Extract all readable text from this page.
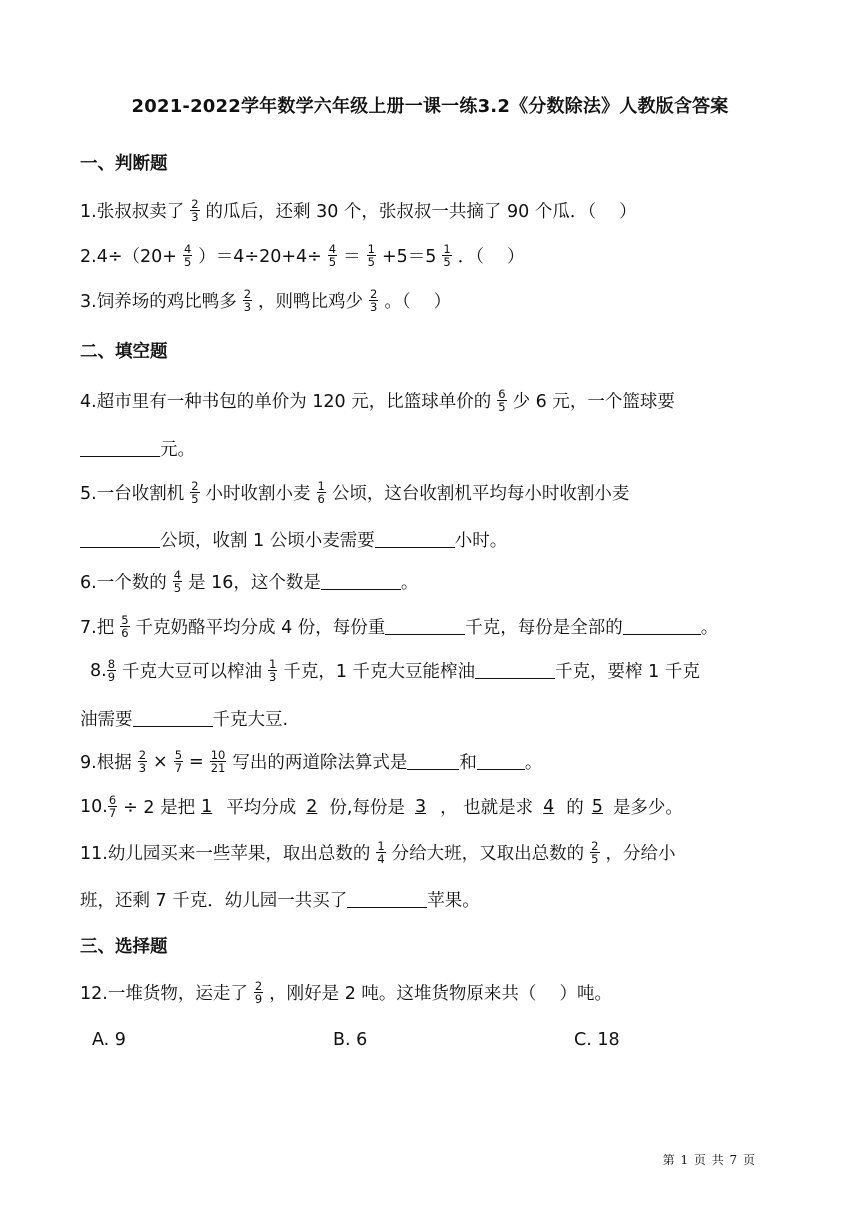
2021-2022学年数学六年级上册一课一练3.2《分数除法》人教版含答案
一、判断题
1.张叔叔卖了 $\frac{2}{3}$ 的瓜后，还剩 30 个，张叔叔一共摘了 90 个瓜．（　 ）
$2.4\div(20+ \frac{4}{5} )=4\div 20+4\div \frac{4}{5} = \frac{1}{5} +5=5 \frac{1}{5}$ ．（　 ）
3.饲养场的鸡比鸭多 $\frac{2}{3}$ ，则鸭比鸡少 $\frac{2}{3}$ 。（　 ）
二、填空题
4.超市里有一种书包的单价为 120 元，比篮球单价的 $\frac{6}{5}$ 少 6 元，一个篮球要
元。
5.一台收割机 $\frac{2}{5}$ 小时收割小麦 $\frac{1}{6}$ 公顷，这台收割机平均每小时收割小麦
公顷，收割 1 公顷小麦需要	小时。
6.一个数的 $\frac{4}{5}$ 是 16，这个数是	。
7.把 $\frac{5}{6}$ 千克奶酪平均分成 4 份，每份重	千克，每份是全部的	。
8. $\frac{8}{9}$ 千克大豆可以榨油 $\frac{1}{3}$ 千克，1 千克大豆能榨油	千克，要榨 1 千克
油需要	千克大豆.
9.根据 $\frac{2}{3} \times \frac{5}{7} = \frac{10}{21}$ 写出的两道除法算式是	和	。
10. $\frac{6}{7} \div 2$ 是把 1 平均分成 2 份,每份是 3 ， 也就是求 4 的 5 是多少。
11.幼儿园买来一些苹果，取出总数的 $\frac{1}{4}$ 分给大班，又取出总数的 $\frac{2}{5}$ ，分给小
班，还剩 7 千克．幼儿园一共买了	苹果。
三、选择题
12.一堆货物，运走了 $\frac{2}{9}$ ，刚好是 2 吨。这堆货物原来共（　 ）吨。
A. 9	B. 6	C. 18
第 1 页 共 7 页
